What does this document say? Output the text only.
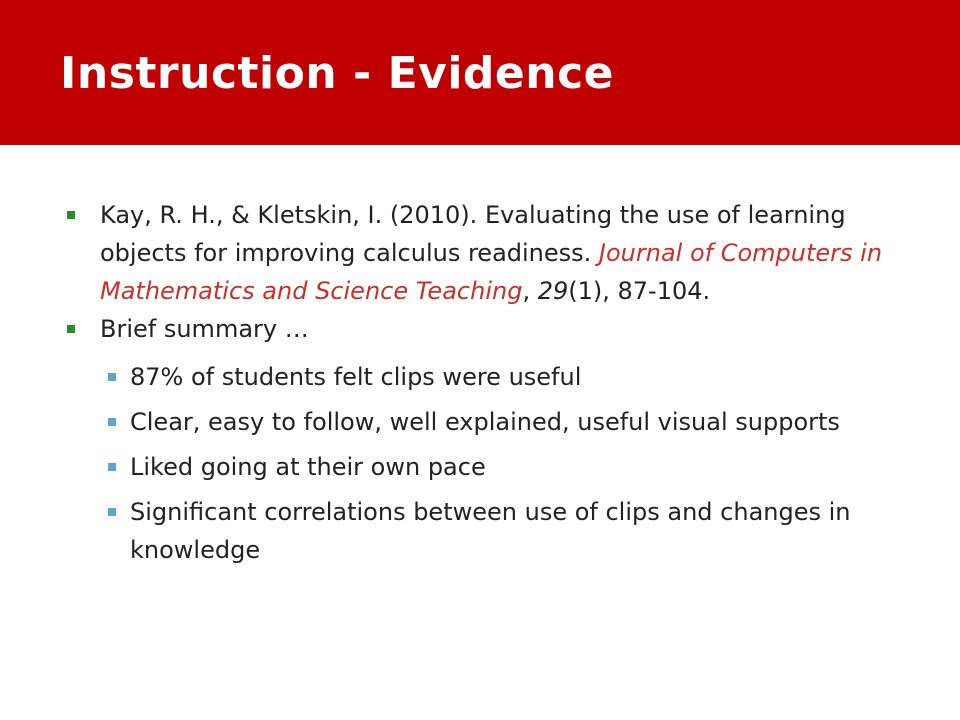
Instruction - Evidence
Kay, R. H., & Kletskin, I. (2010). Evaluating the use of learning objects for improving calculus readiness. Journal of Computers in Mathematics and Science Teaching, 29(1), 87-104.
Brief summary …
87% of students felt clips were useful
Clear, easy to follow, well explained, useful visual supports
Liked going at their own pace
Significant correlations between use of clips and changes in knowledge
